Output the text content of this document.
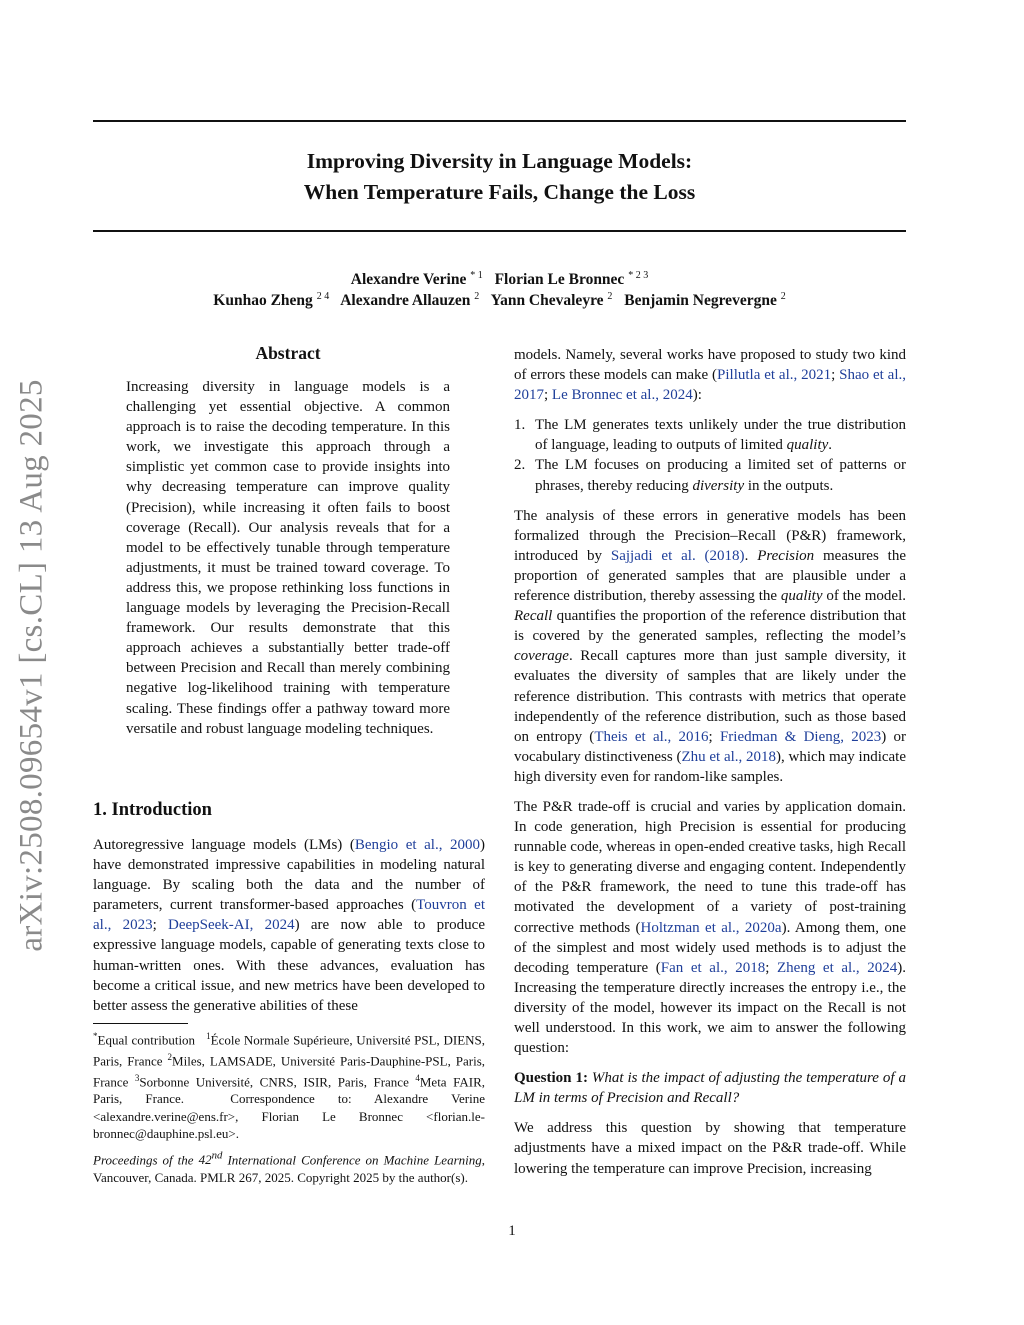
Improving Diversity in Language Models:
When Temperature Fails, Change the Loss
Alexandre Verine $^{* 1}$ Florian Le Bronnec $^{* 2 3}$
Kunhao Zheng $^{2 4}$ Alexandre Allauzen $^2$ Yann Chevaleyre $^2$ Benjamin Negrevergne $^2$
arXiv:2508.09654v1 [cs.CL] 13 Aug 2025
Abstract

Increasing diversity in language models is a challenging yet essential objective. A common approach is to raise the decoding temperature. In this work, we investigate this approach through a simplistic yet common case to provide insights into why decreasing temperature can improve quality (Precision), while increasing it often fails to boost coverage (Recall). Our analysis reveals that for a model to be effectively tunable through temperature adjustments, it must be trained toward coverage. To address this, we propose rethinking loss functions in language models by leveraging the Precision-Recall framework. Our results demonstrate that this approach achieves a substantially better trade-off between Precision and Recall than merely combining negative log-likelihood training with temperature scaling. These findings offer a pathway toward more versatile and robust language modeling techniques.

1. Introduction

Autoregressive language models (LMs) (Bengio et al., 2000) have demonstrated impressive capabilities in modeling natural language. By scaling both the data and the number of parameters, current transformer-based approaches (Touvron et al., 2023; DeepSeek-AI, 2024) are now able to produce expressive language models, capable of generating texts close to human-written ones. With these advances, evaluation has become a critical issue, and new metrics have been developed to better assess the generative abilities of these

*Equal contribution $^1$École Normale Supérieure, Université PSL, DIENS, Paris, France $^2$Miles, LAMSADE, Université Paris-Dauphine-PSL, Paris, France $^3$Sorbonne Université, CNRS, ISIR, Paris, France $^4$Meta FAIR, Paris, France.	Correspondence to: Alexandre Verine <alexandre.verine@ens.fr>, Florian Le Bronnec <florian.le-bronnec@dauphine.psl.eu>.
Proceedings of the 42nd International Conference on Machine Learning, Vancouver, Canada. PMLR 267, 2025. Copyright 2025 by the author(s).

models. Namely, several works have proposed to study two kind of errors these models can make (Pillutla et al., 2021; Shao et al., 2017; Le Bronnec et al., 2024):

1. The LM generates texts unlikely under the true distribution of language, leading to outputs of limited quality.
2. The LM focuses on producing a limited set of patterns or phrases, thereby reducing diversity in the outputs.

The analysis of these errors in generative models has been formalized through the Precision–Recall (P&R) framework, introduced by Sajjadi et al. (2018). Precision measures the proportion of generated samples that are plausible under a reference distribution, thereby assessing the quality of the model. Recall quantifies the proportion of the reference distribution that is covered by the generated samples, reflecting the model’s coverage. Recall captures more than just sample diversity, it evaluates the diversity of samples that are likely under the reference distribution. This contrasts with metrics that operate independently of the reference distribution, such as those based on entropy (Theis et al., 2016; Friedman & Dieng, 2023) or vocabulary distinctiveness (Zhu et al., 2018), which may indicate high diversity even for random-like samples.

The P&R trade-off is crucial and varies by application domain. In code generation, high Precision is essential for producing runnable code, whereas in open-ended creative tasks, high Recall is key to generating diverse and engaging content. Independently of the P&R framework, the need to tune this trade-off has motivated the development of a variety of post-training corrective methods (Holtzman et al., 2020a). Among them, one of the simplest and most widely used methods is to adjust the decoding temperature (Fan et al., 2018; Zheng et al., 2024). Increasing the temperature directly increases the entropy i.e., the diversity of the model, however its impact on the Recall is not well understood. In this work, we aim to answer the following question:

Question 1: What is the impact of adjusting the temperature of a LM in terms of Precision and Recall?

We address this question by showing that temperature adjustments have a mixed impact on the P&R trade-off. While lowering the temperature can improve Precision, increasing

1
